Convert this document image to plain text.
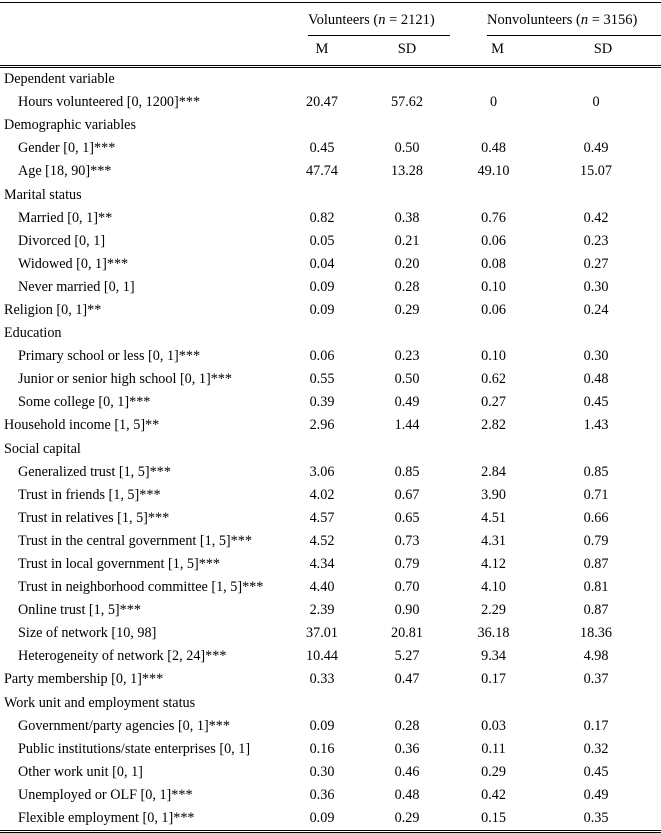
	Volunteers (n = 2121)		Nonvolunteers (n = 3156)	

	M	SD	M	SD
Dependent variable				
Hours volunteered [0, 1200]***	20.47	57.62	0	0
Demographic variables				
Gender [0, 1]***	0.45	0.50	0.48	0.49
Age [18, 90]***	47.74	13.28	49.10	15.07
Marital status				
Married [0, 1]**	0.82	0.38	0.76	0.42
Divorced [0, 1]	0.05	0.21	0.06	0.23
Widowed [0, 1]***	0.04	0.20	0.08	0.27
Never married [0, 1]	0.09	0.28	0.10	0.30
Religion [0, 1]**	0.09	0.29	0.06	0.24
Education				
Primary school or less [0, 1]***	0.06	0.23	0.10	0.30
Junior or senior high school [0, 1]***	0.55	0.50	0.62	0.48
Some college [0, 1]***	0.39	0.49	0.27	0.45
Household income [1, 5]**	2.96	1.44	2.82	1.43
Social capital				
Generalized trust [1, 5]***	3.06	0.85	2.84	0.85
Trust in friends [1, 5]***	4.02	0.67	3.90	0.71
Trust in relatives [1, 5]***	4.57	0.65	4.51	0.66
Trust in the central government [1, 5]***	4.52	0.73	4.31	0.79
Trust in local government [1, 5]***	4.34	0.79	4.12	0.87
Trust in neighborhood committee [1, 5]***	4.40	0.70	4.10	0.81
Online trust [1, 5]***	2.39	0.90	2.29	0.87
Size of network [10, 98]	37.01	20.81	36.18	18.36
Heterogeneity of network [2, 24]***	10.44	5.27	9.34	4.98
Party membership [0, 1]***	0.33	0.47	0.17	0.37
Work unit and employment status				
Government/party agencies [0, 1]***	0.09	0.28	0.03	0.17
Public institutions/state enterprises [0, 1]	0.16	0.36	0.11	0.32
Other work unit [0, 1]	0.30	0.46	0.29	0.45
Unemployed or OLF [0, 1]***	0.36	0.48	0.42	0.49
Flexible employment [0, 1]***	0.09	0.29	0.15	0.35
